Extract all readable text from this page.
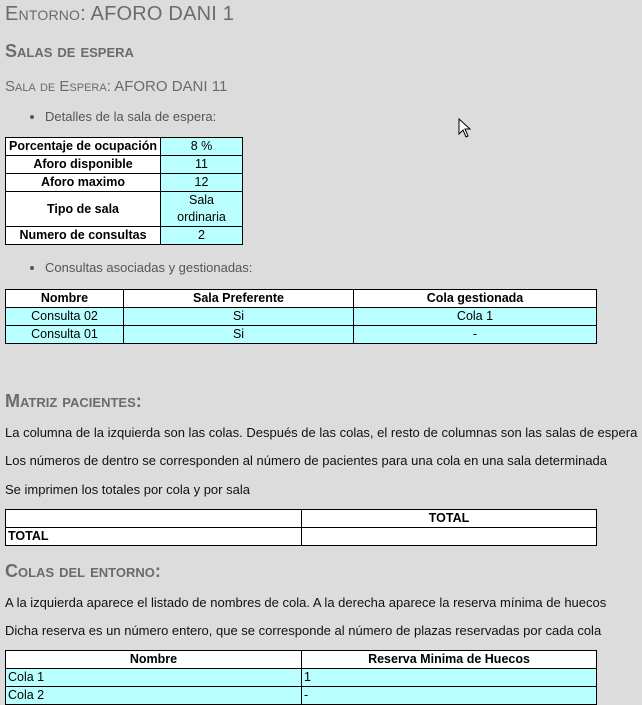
Entorno: AFORO DANI 1
Salas de espera
Sala de Espera: AFORO DANI 11
• Detalles de la sala de espera:
Porcentaje de ocupación	8 %
Aforo disponible	11
Aforo maximo	12
Tipo de sala	Sala ordinaria
Numero de consultas	2
• Consultas asociadas y gestionadas:
Nombre	Sala Preferente	Cola gestionada
Consulta 02	Si	Cola 1
Consulta 01	Si	-
Matriz pacientes:

La columna de la izquierda son las colas. Después de las colas, el resto de columnas son las salas de espera

Los números de dentro se corresponden al número de pacientes para una cola en una sala determinada

Se imprimen los totales por cola y por sala

	TOTAL
TOTAL	
Colas del entorno:

A la izquierda aparece el listado de nombres de cola. A la derecha aparece la reserva mínima de huecos

Dicha reserva es un número entero, que se corresponde al número de plazas reservadas por cada cola

Nombre	Reserva Minima de Huecos
Cola 1	1
Cola 2	-
